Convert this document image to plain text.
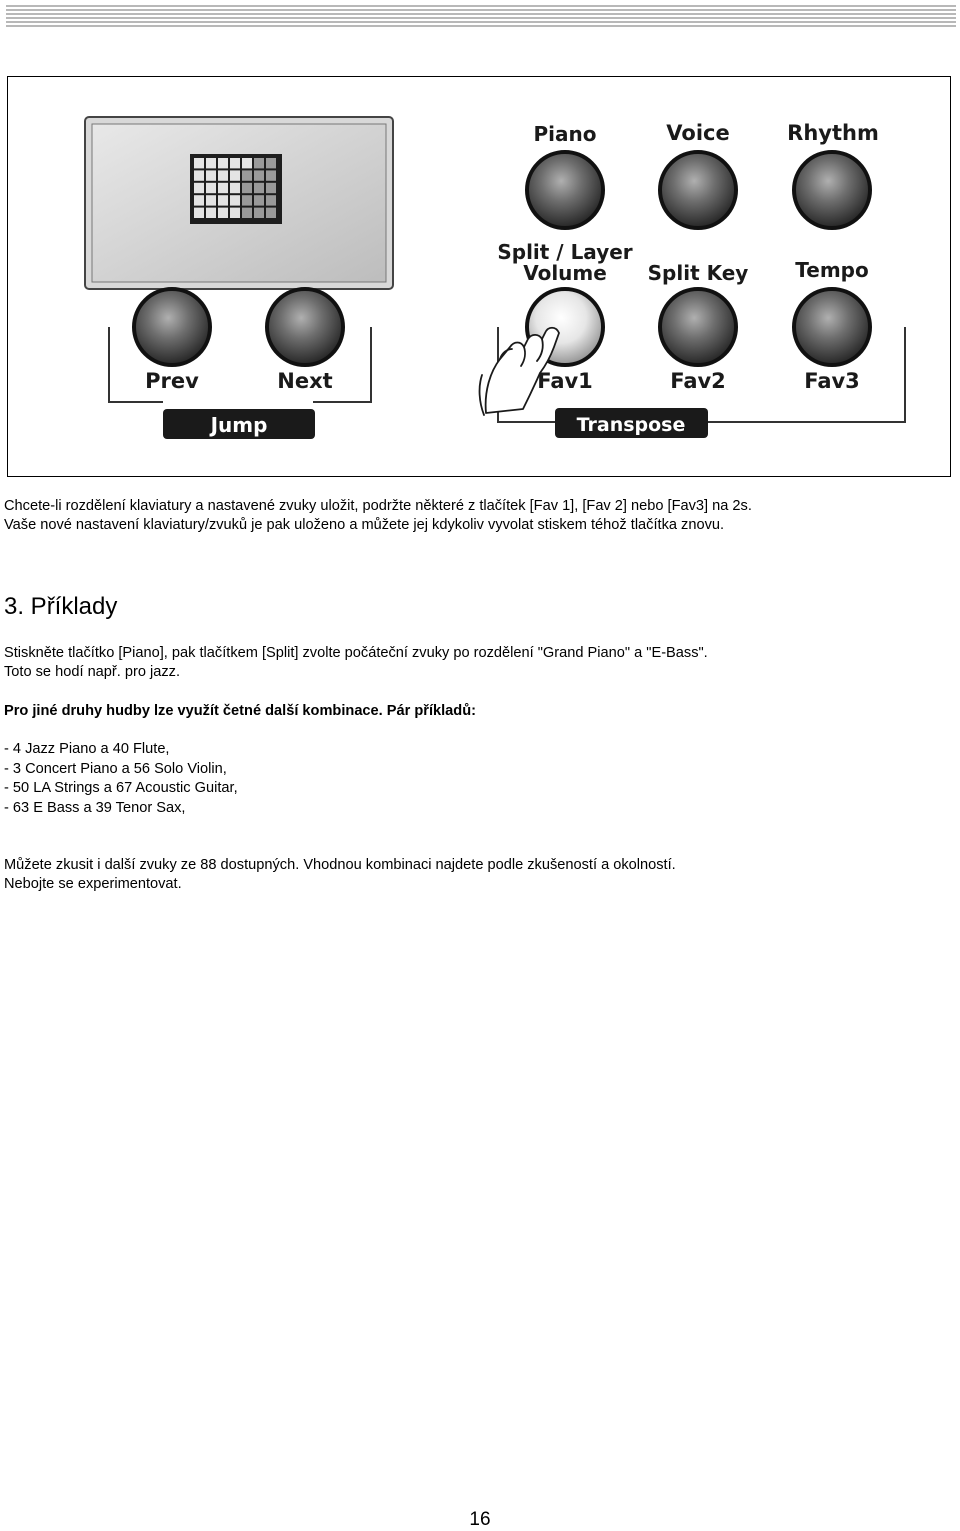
Piano	Voice	Rhythm
Split / Layer
Volume Split Key Tempo
Prev	Next	Fav1	Fav2	Fav3
Jump	Transpose

Chcete-li rozdělení klaviatury a nastavené zvuky uložit, podržte některé z tlačítek [Fav 1], [Fav 2] nebo [Fav3] na 2s.
Vaše nové nastavení klaviatury/zvuků je pak uloženo a můžete jej kdykoliv vyvolat stiskem téhož tlačítka znovu.

3. Příklady

Stiskněte tlačítko [Piano], pak tlačítkem [Split] zvolte počáteční zvuky po rozdělení "Grand Piano" a "E-Bass".
Toto se hodí např. pro jazz.

Pro jiné druhy hudby lze využít četné další kombinace. Pár příkladů:

- 4 Jazz Piano a 40 Flute,
- 3 Concert Piano a 56 Solo Violin,
- 50 LA Strings a 67 Acoustic Guitar,
- 63 E Bass a 39 Tenor Sax,

Můžete zkusit i další zvuky ze 88 dostupných. Vhodnou kombinaci najdete podle zkušeností a okolností.
Nebojte se experimentovat.

16
